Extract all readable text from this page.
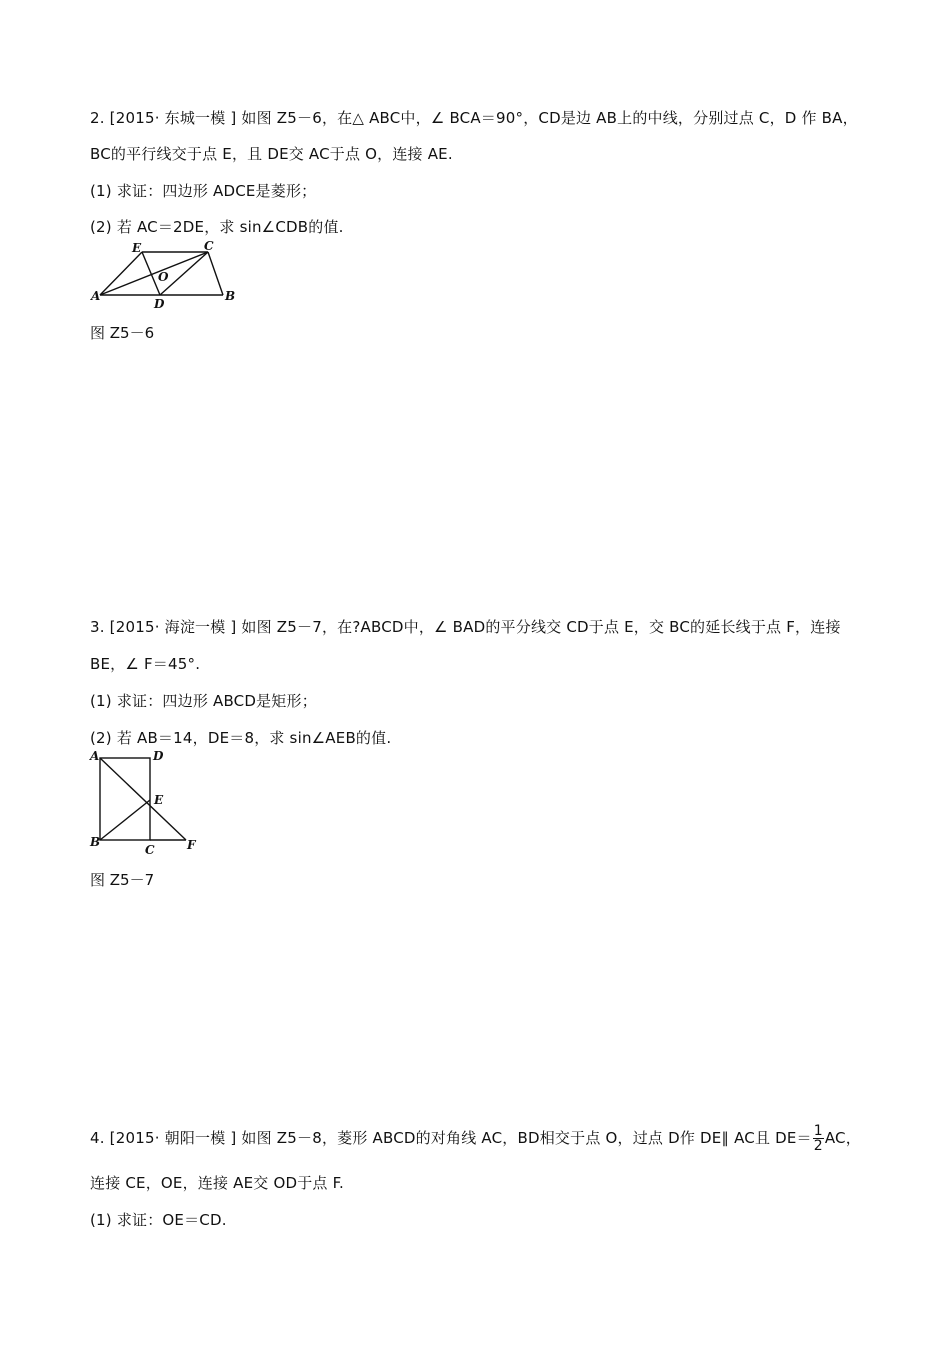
2. [2015· 东城一模 ] 如图 Z5－6，在△ ABC中，∠ BCA＝90°，CD是边 AB上的中线，分别过点 C，D 作 BA，
BC的平行线交于点 E，且 DE交 AC于点 O，连接 AE.
(1) 求证：四边形 ADCE是菱形；
(2) 若 AC＝2DE，求 sin∠CDB的值.
E	C
O
A
D
B
图 Z5－6
3. [2015· 海淀一模 ] 如图 Z5－7，在?ABCD中，∠ BAD的平分线交 CD于点 E，交 BC的延长线于点 F，连接
BE，∠ F＝45°.
(1) 求证：四边形 ABCD是矩形；
(2) 若 AB＝14，DE＝8，求 sin∠AEB的值.
A	D
E
B
C	F
图 Z5－7
4. [2015· 朝阳一模 ] 如图 Z5－8，菱形 ABCD的对角线 AC，BD相交于点 O，过点 D作 DE∥ AC且 $DE= \frac{1}{2}$ AC，
连接 CE，OE，连接 AE交 OD于点 F.
(1) 求证：OE＝CD.
